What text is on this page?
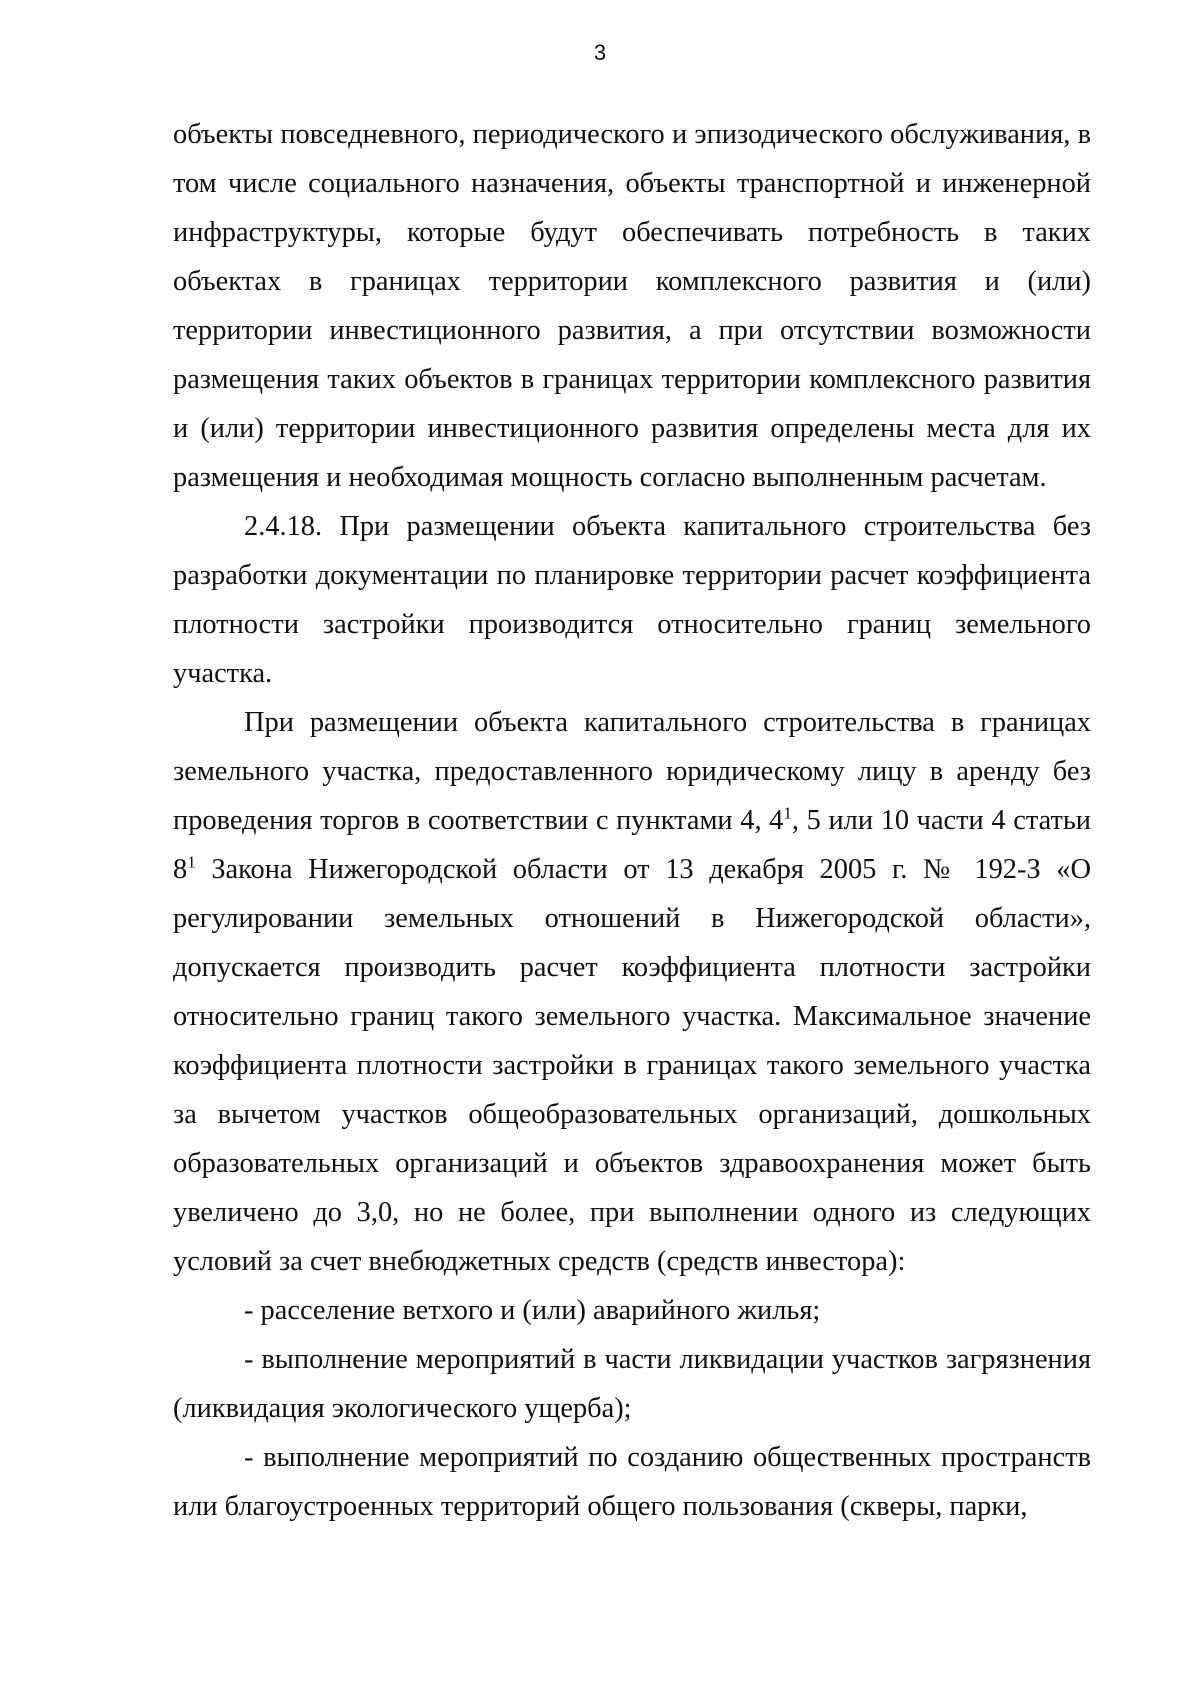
3

объекты повседневного, периодического и эпизодического обслуживания, в том числе социального назначения, объекты транспортной и инженерной инфраструктуры, которые будут обеспечивать потребность в таких объектах в границах территории комплексного развития и (или) территории инвестиционного развития, а при отсутствии возможности размещения таких объектов в границах территории комплексного развития и (или) территории инвестиционного развития определены места для их размещения и необходимая мощность согласно выполненным расчетам.

2.4.18. При размещении объекта капитального строительства без разработки документации по планировке территории расчет коэффициента плотности застройки производится относительно границ земельного участка.

При размещении объекта капитального строительства в границах земельного участка, предоставленного юридическому лицу в аренду без проведения торгов в соответствии с пунктами 4, $4^1$, 5 или 10 части 4 статьи $8^1$ Закона Нижегородской области от 13 декабря 2005 г. № 192-З «О регулировании земельных отношений в Нижегородской области», допускается производить расчет коэффициента плотности застройки относительно границ такого земельного участка. Максимальное значение коэффициента плотности застройки в границах такого земельного участка за вычетом участков общеобразовательных организаций, дошкольных образовательных организаций и объектов здравоохранения может быть увеличено до 3,0, но не более, при выполнении одного из следующих условий за счет внебюджетных средств (средств инвестора):

- расселение ветхого и (или) аварийного жилья;

- выполнение мероприятий в части ликвидации участков загрязнения (ликвидация экологического ущерба);

- выполнение мероприятий по созданию общественных пространств или благоустроенных территорий общего пользования (скверы, парки,
